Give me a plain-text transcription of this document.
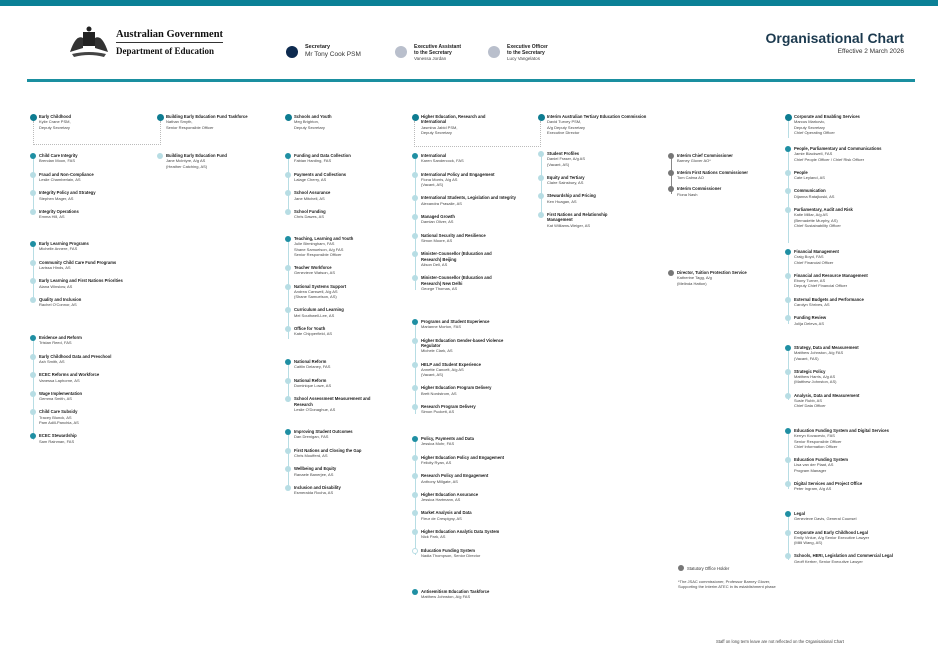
Australian Government
Department of Education	Secretary
Mr Tony Cook PSM
Executive Assistant
to the Secretary
Vanessa Jordan
Executive Officer
to the Secretary
Lucy Vangelatos
Organisational Chart
Effective 2 March 2026
Early Childhood
Kylie Crane PSM,
Deputy Secretary
Child Care Integrity
Brendan Moon, FAS
Fraud and Non-Compliance
Leslie Chamberlain, AS
Integrity Policy and Strategy
Stephen Mager, AS
Integrity Operations
Emma Hill, AS
Early Learning Programs
Michelle Annere, FAS
Community Child Care Fund Programs
Larissa Hinds, AS
Early Learning and First Nations Priorities
Alana Winslow, AS
Quality and Inclusion
Rachel O'Connor, AS
Evidence and Reform
Tristan Reed, FAS
Early Childhood Data and Preschool
Ash Smith, AS
ECEC Reforms and Workforce
Vanessa Laphorne, AS
Wage Implementation
Gemma Smith, AS
Child Care Subsidy
Tracey Blunck, AS
Pam Adill-Panchia, AS
ECEC Stewardship
Sam Rainman, FAS
Building Early Education Fund Taskforce
Nathan Smyth,
Senior Responsible Officer
Building Early Education Fund
Jane McIntyre, A/g AS
(Heather Catching, AS)
Schools and Youth
Meg Brighton,
Deputy Secretary
Funding and Data Collection
Fabian Harding, FAS
Payments and Collections
Lalage Cherry, AS
School Assurance
Jane Mitchell, AS
School Funding
Chris Dawes, AS
Teaching, Learning and Youth
Julie Birmingham, FAS
Shane Samuelson, A/g FAS
Senior Responsible Officer
Teacher Workforce
Genevieve Watson, AS
National Systems Support
Andrea Carswell, A/g AS
(Shane Samuelson, AS)
Curriculum and Learning
Mel Southwell-Lee, AS
Office for Youth
Kate Chipperfield, AS
National Reform
Caitlin Delaney, FAS
National Reform
Dominique Lowe, AS
School Assessment Measurement and Research
Leslie O'Donaghue, AS
Improving Student Outcomes
Dan Drenigan, FAS
First Nations and Closing the Gap
Chris Moufferd, AS
Wellbeing and Equity
Ranaele Banerjee, AS
Inclusion and Disability
Esmeralda Rocha, AS
Higher Education, Research and International
Jasmina Jabid PSM,
Deputy Secretary
International
Karen Sandercock, FAS
International Policy and Engagement
Fiona Morris, A/g AS
(Vacant, AS)
International Students, Legislation and Integrity
Alexandra Prasalie, AS
Managed Growth
Damian Oliver, AS
National Security and Resilience
Simon Moore, AS
Minister-Counsellor (Education and Research) Beijing
Alison Dell, AS
Minister-Counsellor (Education and Research) New Delhi
George Thomas, AS
Programs and Student Experience
Marianne Morton, FAS
Higher Education Gender-based Violence Regulator
Michele Clark, AS
HELP and Student Experience
Annette Cancelt, A/g AS
(Vacant, AS)
Higher Education Program Delivery
Brett Nordstrom, AS
Research Program Delivery
Simon Puckett, AS
Policy, Payments and Data
Jessica Mohr, FAS
Higher Education Policy and Engagement
Felicity Ryan, AS
Research Policy and Engagement
Anthony Millgate, AS
Higher Education Assurance
Jessica Hartmann, AS
Market Analysis and Data
Fleur de Crespigny, AS
Higher Education Analytic Data System
Nick Park, AS
Education Funding System
Nadia Thompson, Senior Director
Antisemitism Education Taskforce
Matthew Johnston, A/g FAS
Interim Australian Tertiary Education Commission
David Turvey PSM,
A/g Deputy Secretary
Executive Director
Student Profiles
Daniel Fraser, A/g AS
(Vacant, AS)
Equity and Tertiary
Claire Sainsbury, AS
Stewardship and Pricing
Ken Huagan, AS
First Nations and Relationship Management
Kat Williams-Weiger, AS
Interim Chief Commissioner
Barney Glover AO*
Interim First Nations Commissioner
Tom Calma AO
Interim Commissioner
Fiona Nash
Director, Tuition Protection Service
Katherine Tagg, A/g
(Melinda Hatton)
Corporate and Enabling Services
Marcus Markovic,
Deputy Secretary
Chief Operating Officer
People, Parliamentary and Communications
Jamie Blackwell, FAS
Chief People Officer / Chief Risk Officer
People
Cate Leyland, AS
Communication
Dijanna Ratajkoski, AS
Parliamentary, Audit and Risk
Katie Millar, A/g AS
(Bernadette Murphy, AS)
Chief Sustainability Officer
Financial Management
Craig Boyd, FAS
Chief Financial Officer
Financial and Resource Management
Ebony Turner, AS
Deputy Chief Financial Officer
External Budgets and Performance
Carolyn Shrives, AS
Funding Review
Jolija Deleva, AS
Strategy, Data and Measurement
Matthew Johnston, A/g FAS
(Vacant, FAS)
Strategic Policy
Matthew Harris, A/g AS
(Matthew Johnston, AS)
Analysis, Data and Measurement
Susie Rubb, AS
Chief Data Officer
Education Funding System and Digital Services
Kerryn Kovacevic, FAS
Senior Responsible Officer
Chief Information Officer
Education Funding System
Lisa van der Plaat, AS
Program Manager
Digital Services and Project Office
Peter Ingram, A/g AS
Legal
Genevieve Davis, General Counsel
Corporate and Early Childhood Legal
Emily Vinlue, A/g Senior Executive Lawyer
(Milli Wang, AS)
Schools, HERI, Legislation and Commercial Legal
Geoff Kerber, Senior Executive Lawyer
Statutory Office Holder
*The JSAC commissioner, Professor Barney Glover, Supporting the Interim ATEC in its establishment phase
Staff on long term leave are not reflected on the Organisational Chart
